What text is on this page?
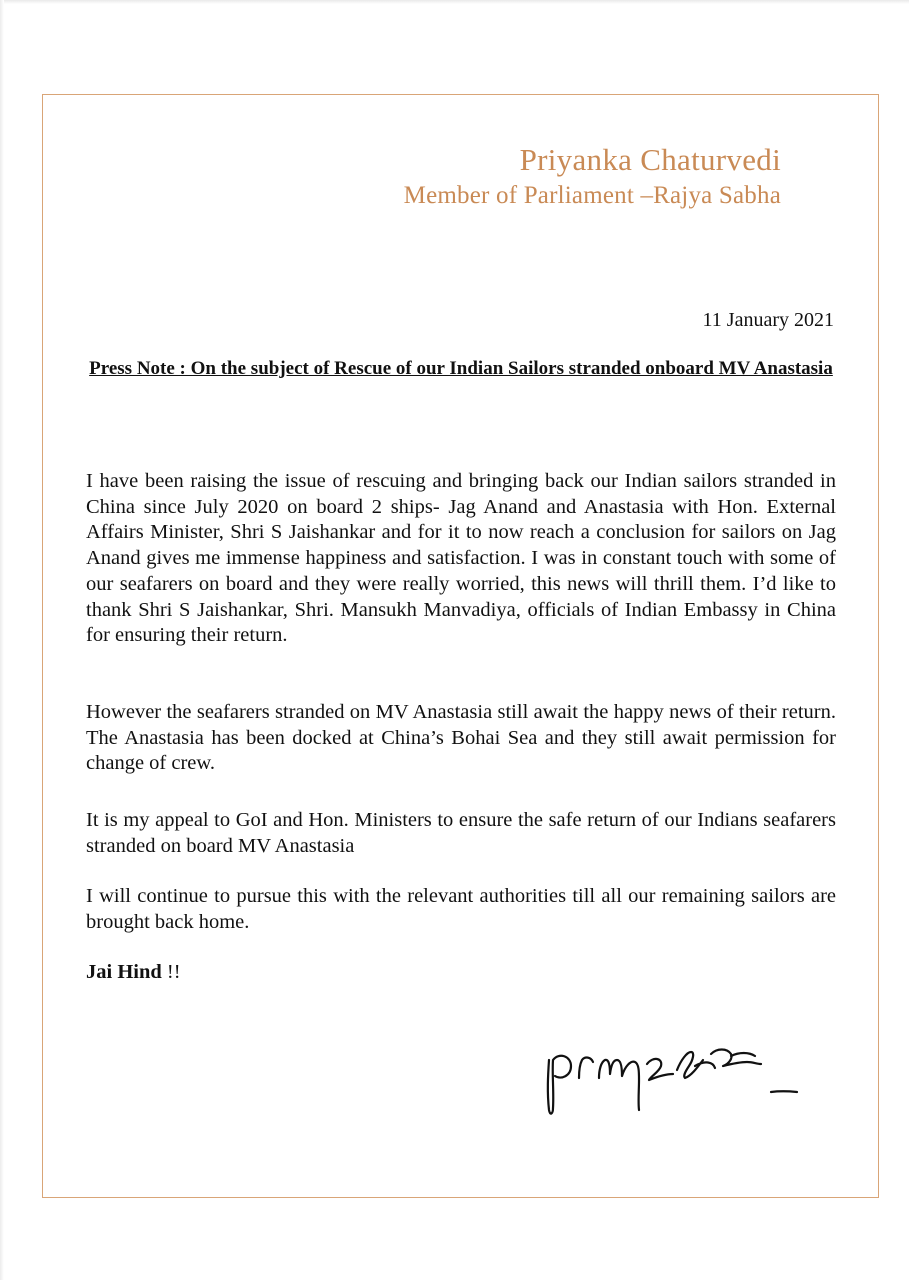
Priyanka Chaturvedi
Member of Parliament –Rajya Sabha
11 January 2021
Press Note : On the subject of Rescue of our Indian Sailors stranded onboard MV Anastasia

I have been raising the issue of rescuing and bringing back our Indian sailors stranded in China since July 2020 on board 2 ships- Jag Anand and Anastasia with Hon. External Affairs Minister, Shri S Jaishankar and for it to now reach a conclusion for sailors on Jag Anand gives me immense happiness and satisfaction. I was in constant touch with some of our seafarers on board and they were really worried, this news will thrill them. I’d like to thank Shri S Jaishankar, Shri. Mansukh Manvadiya, officials of Indian Embassy in China for ensuring their return.

However the seafarers stranded on MV Anastasia still await the happy news of their return. The Anastasia has been docked at China’s Bohai Sea and they still await permission for change of crew.

It is my appeal to GoI and Hon. Ministers to ensure the safe return of our Indians seafarers stranded on board MV Anastasia

I will continue to pursue this with the relevant authorities till all our remaining sailors are brought back home.

Jai Hind !!
